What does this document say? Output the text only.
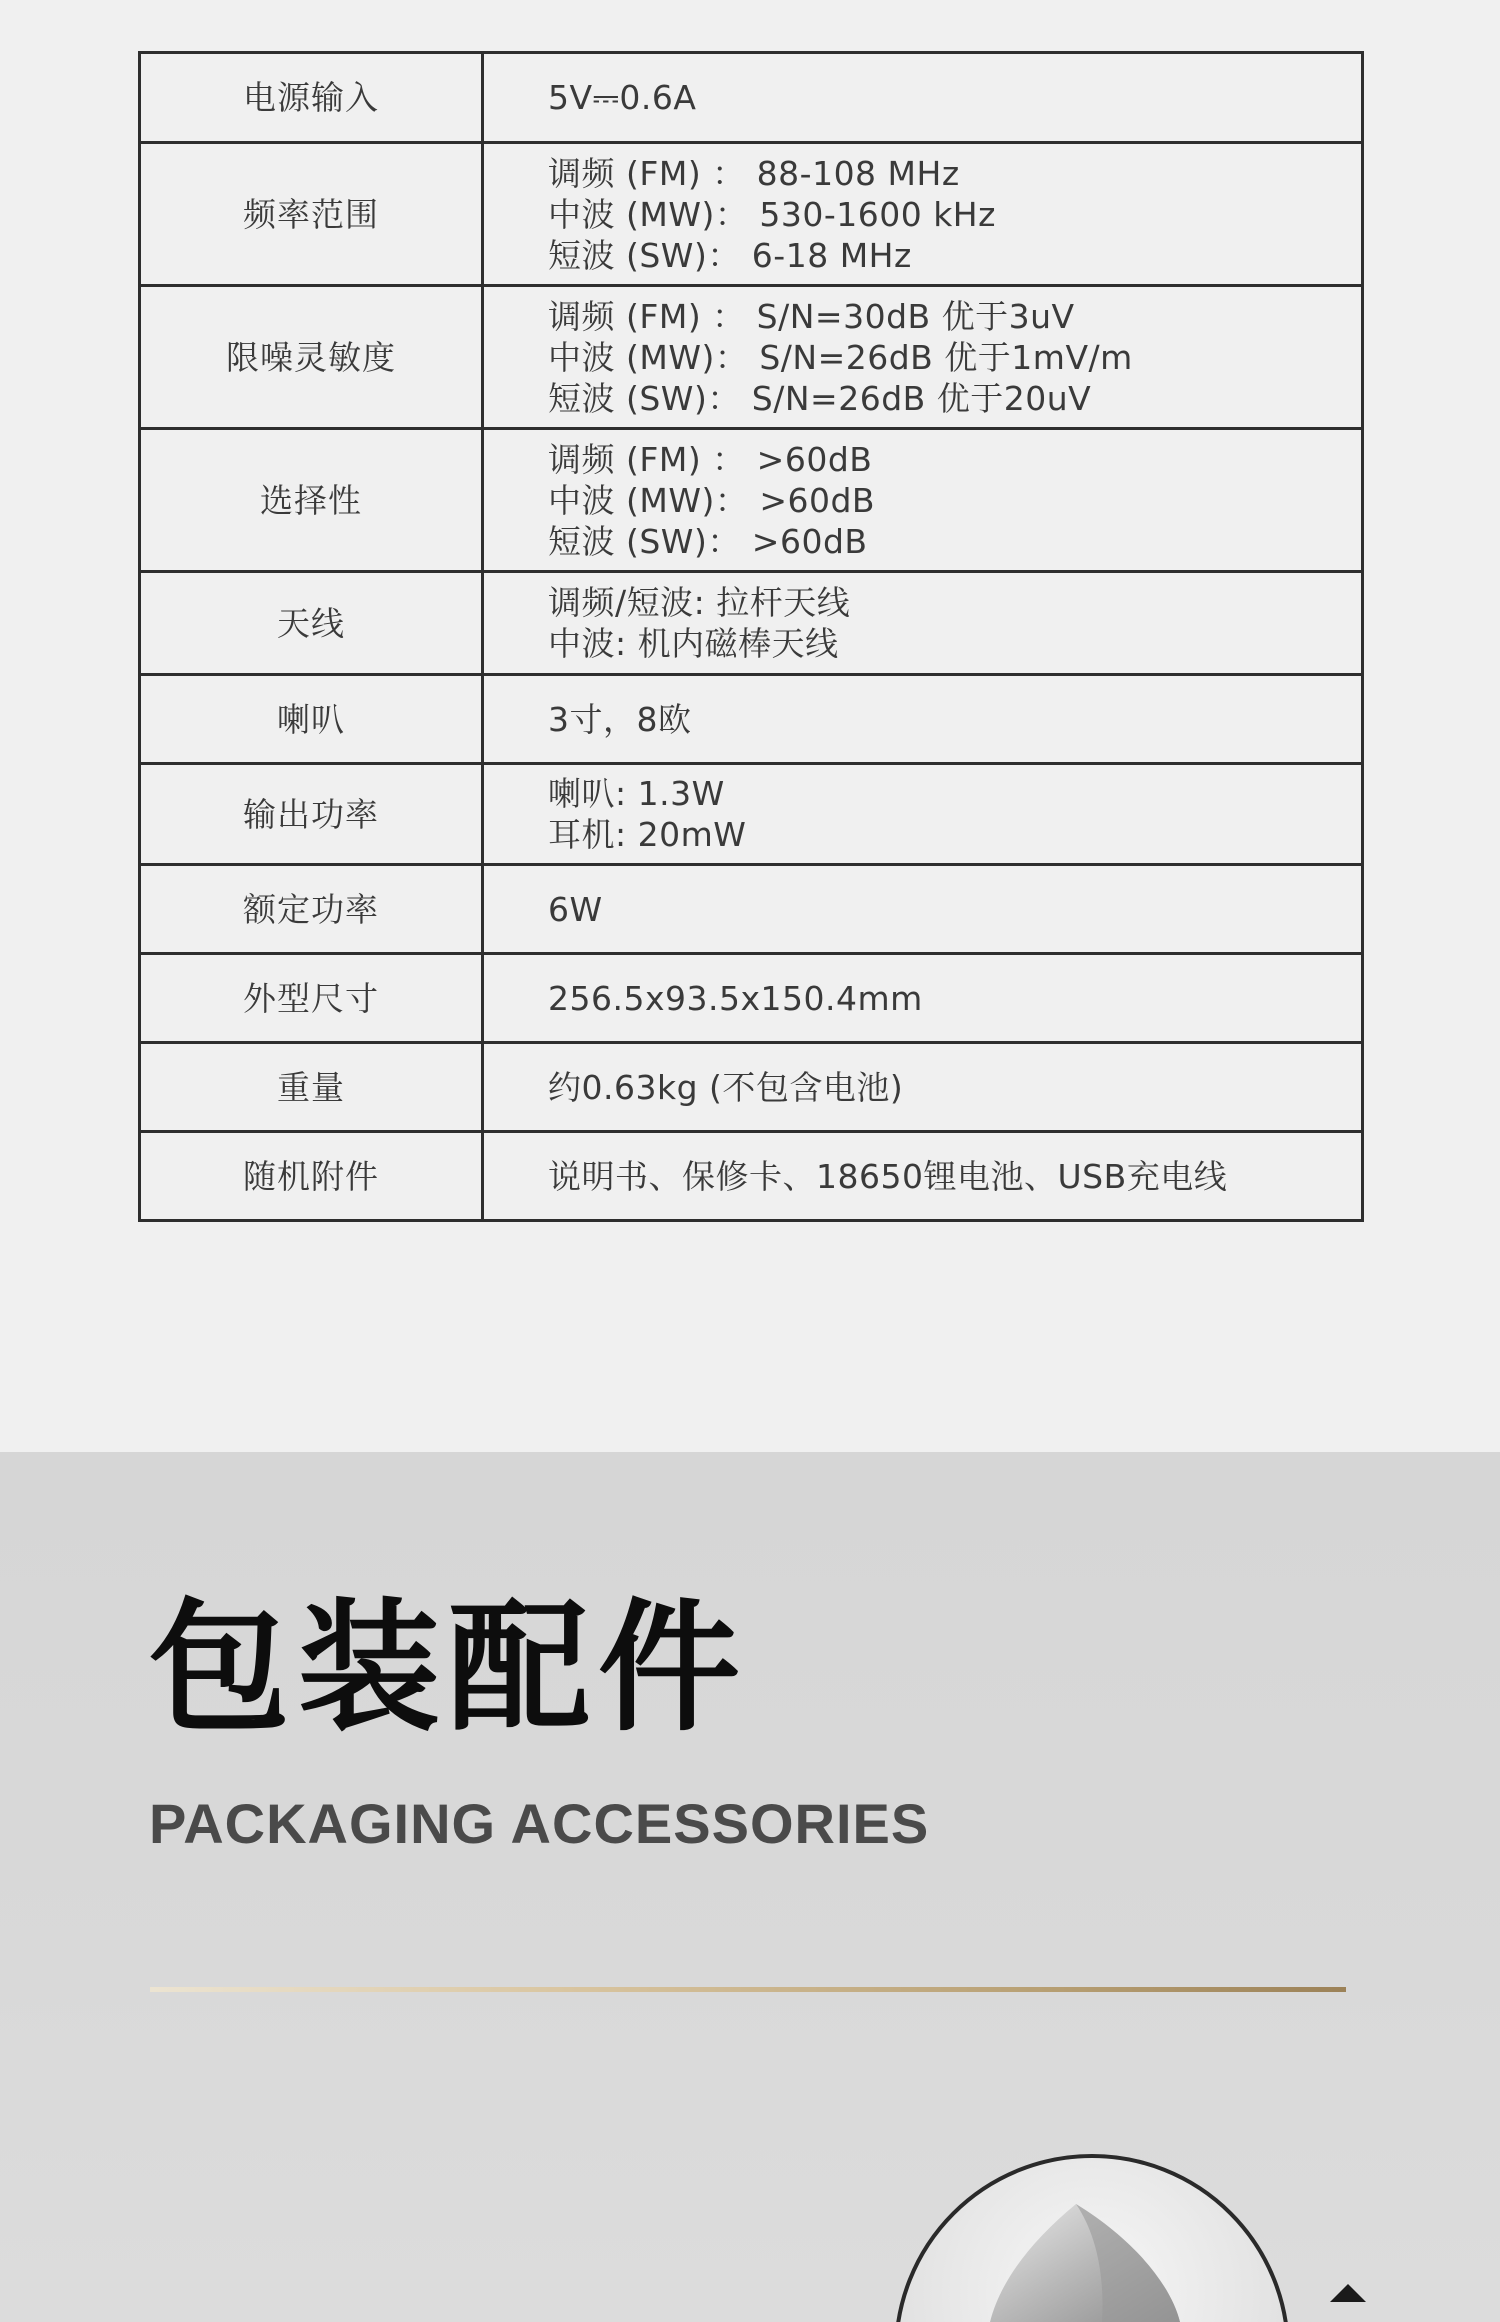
电源输入	5V⎓0.6A

频率范围	调频 (FM) ： 88-108 MHz
中波 (MW)： 530-1600 kHz
短波 (SW)： 6-18 MHz

限噪灵敏度	调频 (FM) ： S/N=30dB 优于3uV
中波 (MW)： S/N=26dB 优于1mV/m
短波 (SW)： S/N=26dB 优于20uV

选择性	调频 (FM) ： >60dB
中波 (MW)： >60dB
短波 (SW)： >60dB

天线	调频/短波: 拉杆天线
中波: 机内磁棒天线

喇叭	3寸，8欧

输出功率	喇叭: 1.3W
耳机: 20mW

额定功率	6W

外型尺寸	256.5x93.5x150.4mm

重量	约0.63kg (不包含电池)

随机附件	说明书、保修卡、18650锂电池、USB充电线
包装配件
PACKAGING ACCESSORIES
